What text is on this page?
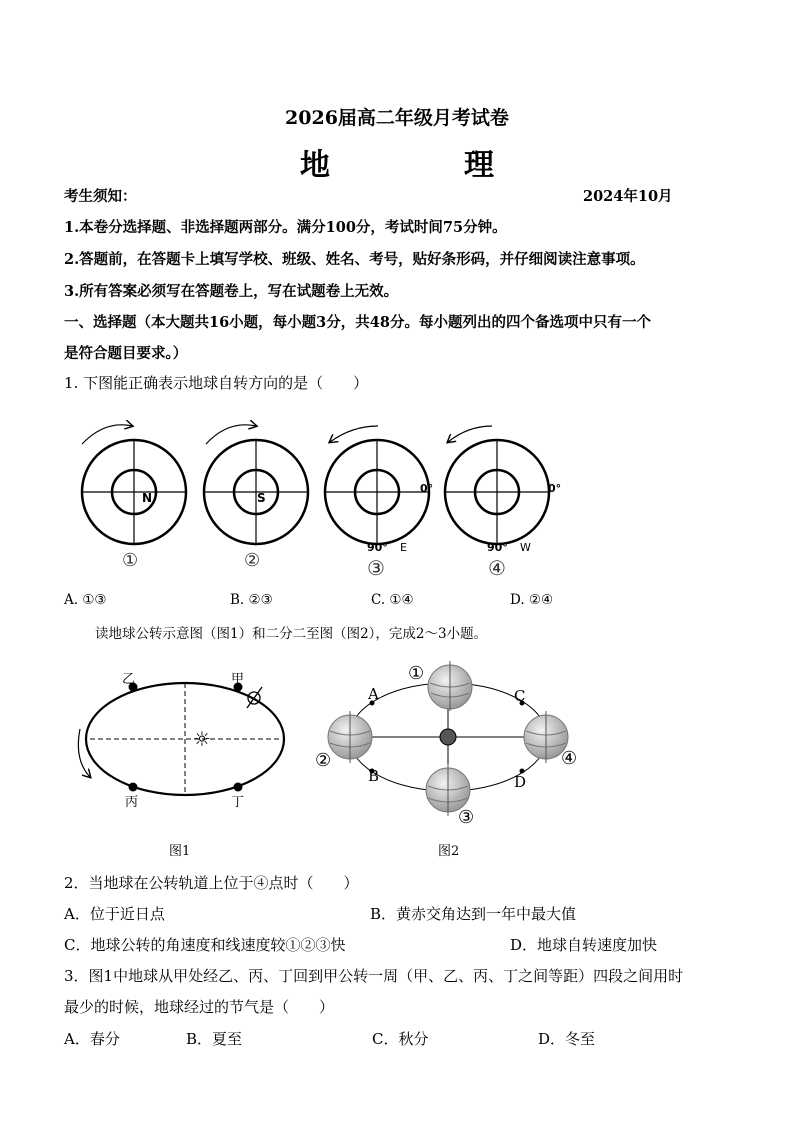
2026届高二年级月考试卷
地　理
考生须知：	2024年10月
1.本卷分选择题、非选择题两部分。满分100分，考试时间75分钟。
2.答题前，在答题卡上填写学校、班级、姓名、考号，贴好条形码，并仔细阅读注意事项。
3.所有答案必须写在答题卷上，写在试题卷上无效。
一、选择题（本大题共16小题，每小题3分，共48分。每小题列出的四个备选项中只有一个
是符合题目要求。）
1. 下图能正确表示地球自转方向的是（　　）
N	S
0°
90° E
0°
90° W
①	②	③	④
A. ①③	B. ②③	C. ①④	D. ②④
读地球公转示意图（图1）和二分二至图（图2），完成2～3小题。
☼
乙	甲
丙	丁
图1
A
B
C
D
①
②
③
④
图2
2．当地球在公转轨道上位于④点时（　　）
A．位于近日点	B．黄赤交角达到一年中最大值
C．地球公转的角速度和线速度较①②③快	D．地球自转速度加快
3．图1中地球从甲处经乙、丙、丁回到甲公转一周（甲、乙、丙、丁之间等距）四段之间用时
最少的时候，地球经过的节气是（　　）
A．春分	B．夏至	C．秋分	D．冬至
